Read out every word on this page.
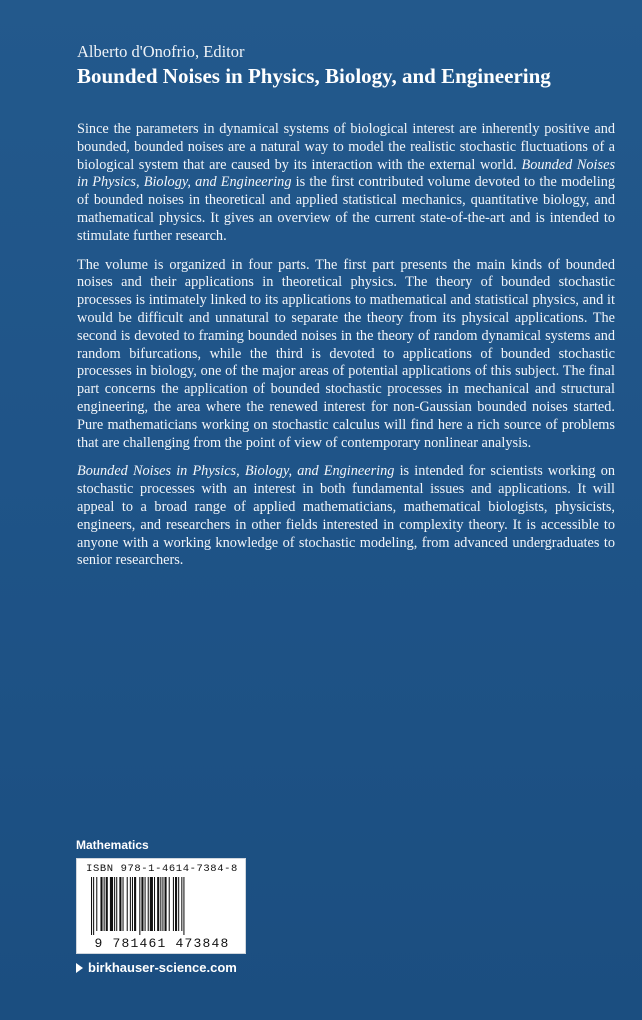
Alberto d'Onofrio, Editor
Bounded Noises in Physics, Biology, and Engineering

Since the parameters in dynamical systems of biological interest are inherently positive and bounded, bounded noises are a natural way to model the realistic stochastic fluctuations of a biological system that are caused by its interaction with the external world. Bounded Noises in Physics, Biology, and Engineering is the first contributed volume devoted to the modeling of bounded noises in theoretical and applied statistical mechanics, quantitative biology, and mathematical physics. It gives an overview of the current state-of-the-art and is intended to stimulate further research.

The volume is organized in four parts. The first part presents the main kinds of bounded noises and their applications in theoretical physics. The theory of bounded stochastic processes is intimately linked to its applications to mathematical and statistical physics, and it would be difficult and unnatural to separate the theory from its physical applications. The second is devoted to framing bounded noises in the theory of random dynamical systems and random bifurcations, while the third is devoted to applications of bounded stochastic processes in biology, one of the major areas of potential applications of this subject. The final part concerns the application of bounded stochastic processes in mechanical and structural engineering, the area where the renewed interest for non-Gaussian bounded noises started. Pure mathematicians working on stochastic calculus will find here a rich source of problems that are challenging from the point of view of contemporary nonlinear analysis.

Bounded Noises in Physics, Biology, and Engineering is intended for scientists working on stochastic processes with an interest in both fundamental issues and applications. It will appeal to a broad range of applied mathematicians, mathematical biologists, physicists, engineers, and researchers in other fields interested in complexity theory. It is accessible to anyone with a working knowledge of stochastic modeling, from advanced undergraduates to senior researchers.

Mathematics
ISBN 978-1-4614-7384-8
9 781461 473848
birkhauser-science.com
